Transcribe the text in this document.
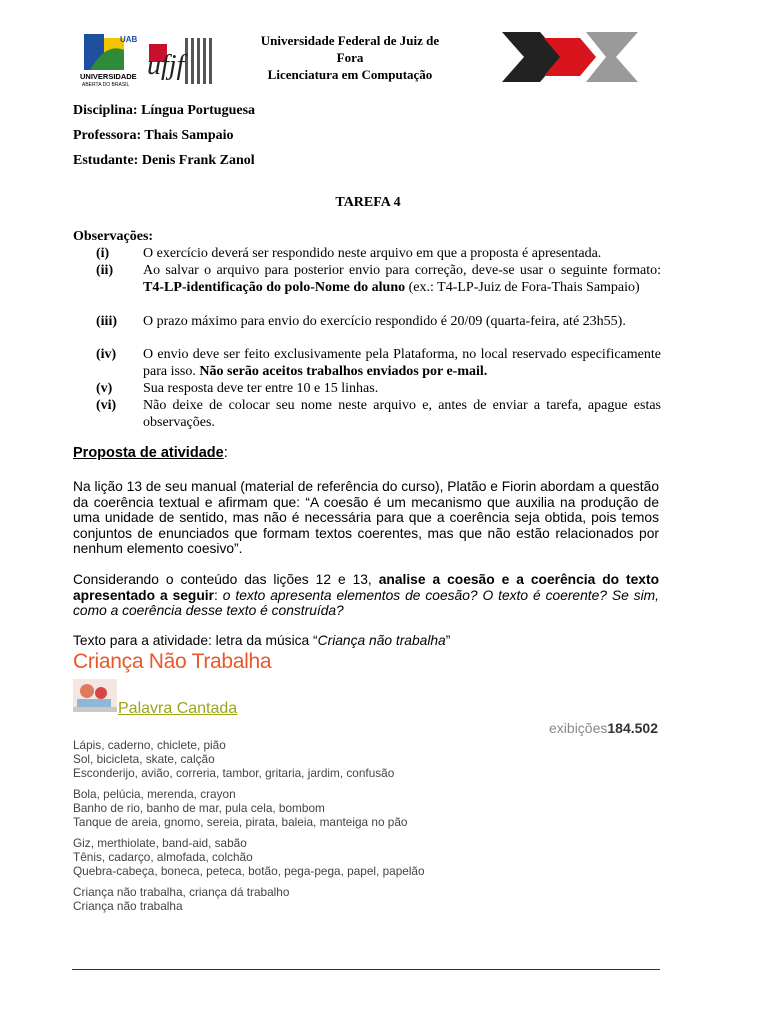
UAB
UNIVERSIDADE
ABERTA DO BRASIL
ufjf
Universidade Federal de Juiz de
Fora
Licenciatura em Computação
Disciplina: Língua Portuguesa
Professora: Thais Sampaio
Estudante: Denis Frank Zanol
TAREFA 4
Observações:
(i) O exercício deverá ser respondido neste arquivo em que a proposta é apresentada.
(ii) Ao salvar o arquivo para posterior envio para correção, deve-se usar o seguinte formato: T4-LP-identificação do polo-Nome do aluno (ex.: T4-LP-Juiz de Fora-Thais Sampaio)
(iii) O prazo máximo para envio do exercício respondido é 20/09 (quarta-feira, até 23h55).
(iv) O envio deve ser feito exclusivamente pela Plataforma, no local reservado especificamente para isso. Não serão aceitos trabalhos enviados por e-mail.
(v) Sua resposta deve ter entre 10 e 15 linhas.
(vi) Não deixe de colocar seu nome neste arquivo e, antes de enviar a tarefa, apague estas observações.
Proposta de atividade:
Na lição 13 de seu manual (material de referência do curso), Platão e Fiorin abordam a questão da coerência textual e afirmam que: “A coesão é um mecanismo que auxilia na produção de uma unidade de sentido, mas não é necessária para que a coerência seja obtida, pois temos conjuntos de enunciados que formam textos coerentes, mas que não estão relacionados por nenhum elemento coesivo”.
Considerando o conteúdo das lições 12 e 13, analise a coesão e a coerência do texto apresentado a seguir: o texto apresenta elementos de coesão? O texto é coerente? Se sim, como a coerência desse texto é construída?
Texto para a atividade: letra da música “Criança não trabalha”
Criança Não Trabalha
Palavra Cantada
exibições184.502
Lápis, caderno, chiclete, pião
Sol, bicicleta, skate, calção
Esconderijo, avião, correria, tambor, gritaria, jardim, confusão
Bola, pelúcia, merenda, crayon
Banho de rio, banho de mar, pula cela, bombom
Tanque de areia, gnomo, sereia, pirata, baleia, manteiga no pão
Giz, merthiolate, band-aid, sabão
Tênis, cadarço, almofada, colchão
Quebra-cabeça, boneca, peteca, botão, pega-pega, papel, papelão
Criança não trabalha, criança dá trabalho
Criança não trabalha
